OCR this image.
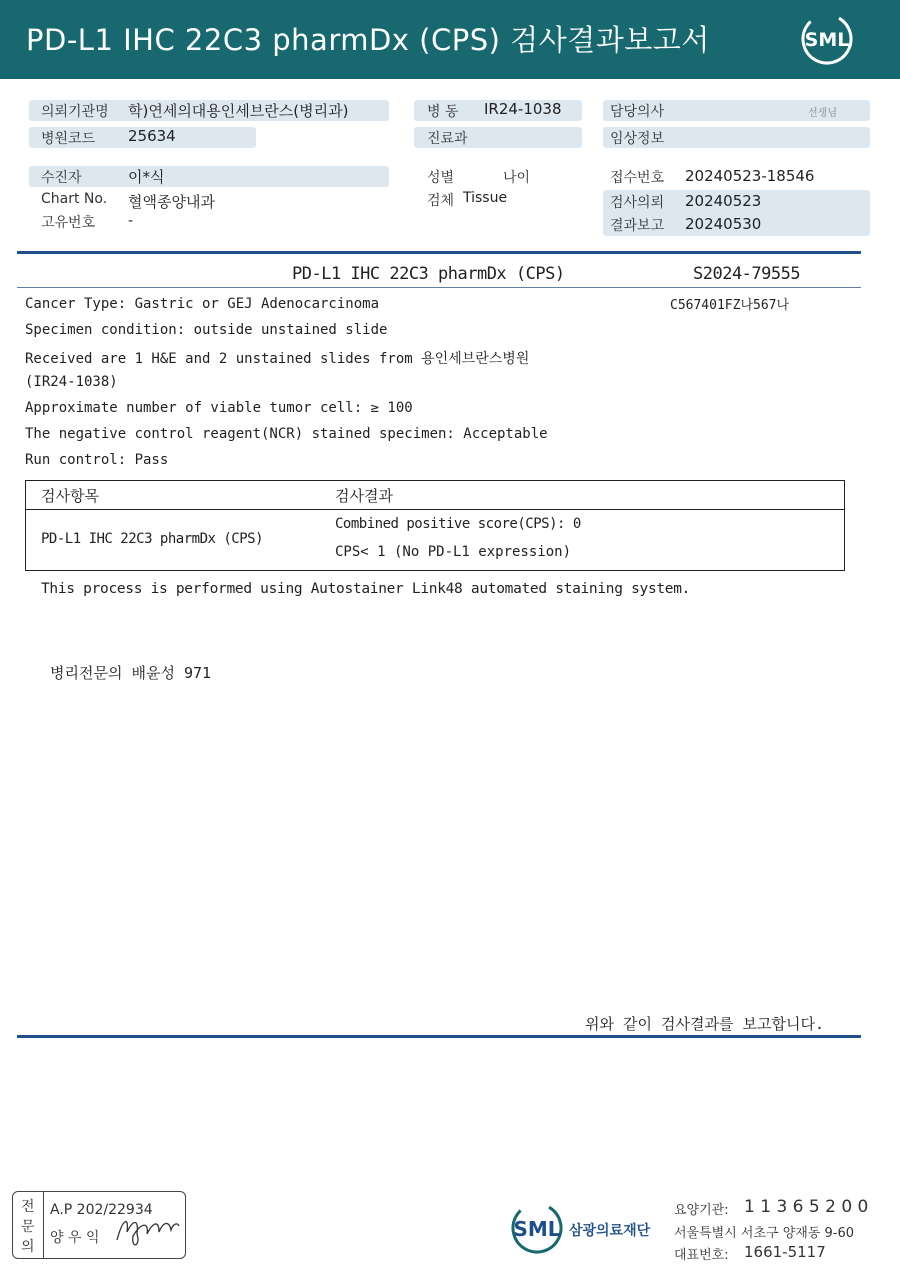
PD-L1 IHC 22C3 pharmDx (CPS) 검사결과보고서	SML
의뢰기관명 학)연세의대용인세브란스(병리과)
병원코드 25634
병 동 IR24-1038
진료과
담당의사	선생님
임상정보
수진자	이*식
Chart No. 혈액종양내과
고유번호 -
성별	나이
검체 Tissue
접수번호 20240523-18546
검사의뢰 20240523
결과보고 20240530
PD-L1 IHC 22C3 pharmDx (CPS)	S2024-79555
C567401FZ나567나
Cancer Type: Gastric or GEJ Adenocarcinoma
Specimen condition: outside unstained slide
Received are 1 H&E and 2 unstained slides from 용인세브란스병원
(IR24-1038)
Approximate number of viable tumor cell: ≥ 100
The negative control reagent(NCR) stained specimen: Acceptable
Run control: Pass
검사항목	검사결과
PD-L1 IHC 22C3 pharmDx (CPS)
Combined positive score(CPS): 0
CPS< 1 (No PD-L1 expression)
This process is performed using Autostainer Link48 automated staining system.
병리전문의 배윤성 971
위와 같이 검사결과를 보고합니다.
전
문
의
A.P 202/22934
양 우 익	SML 삼광의료재단
요양기관: 1 1 3 6 5 2 0 0
서울특별시 서초구 양재동 9-60
대표번호: 1661-5117
